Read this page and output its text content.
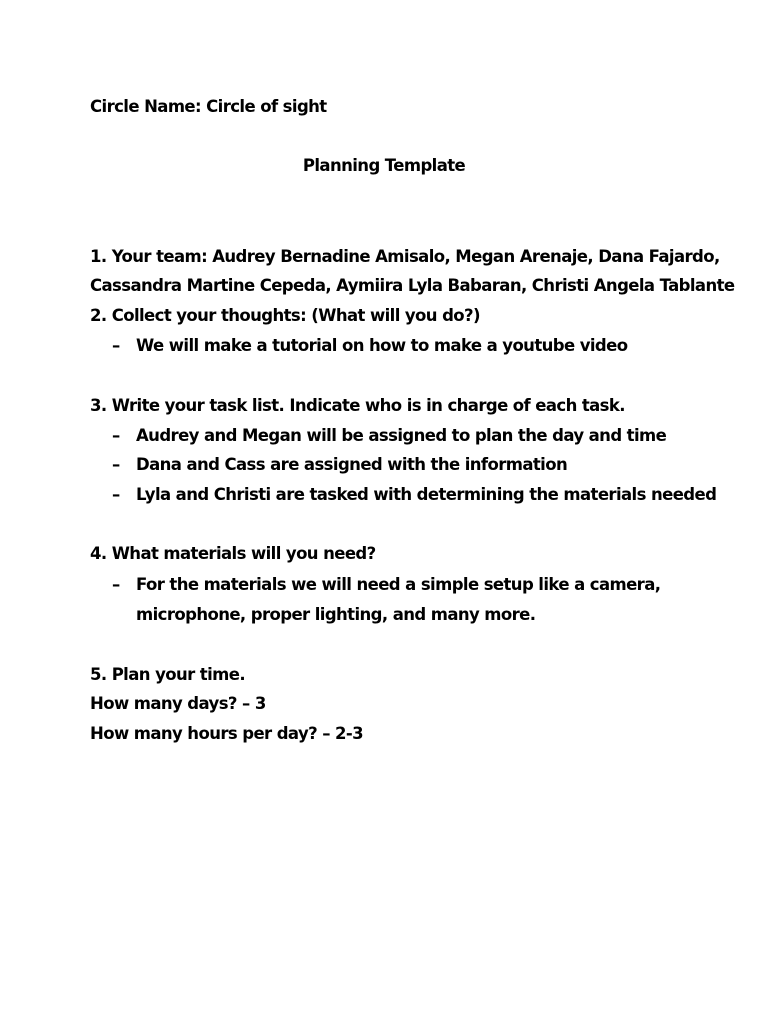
Circle Name: Circle of sight
Planning Template
1. Your team: Audrey Bernadine Amisalo, Megan Arenaje, Dana Fajardo,
Cassandra Martine Cepeda, Aymiira Lyla Babaran, Christi Angela Tablante
2. Collect your thoughts: (What will you do?)
– We will make a tutorial on how to make a youtube video
3. Write your task list. Indicate who is in charge of each task.
– Audrey and Megan will be assigned to plan the day and time
– Dana and Cass are assigned with the information
– Lyla and Christi are tasked with determining the materials needed
4. What materials will you need?
– For the materials we will need a simple setup like a camera,
microphone, proper lighting, and many more.
5. Plan your time.
How many days? – 3
How many hours per day? – 2-3
